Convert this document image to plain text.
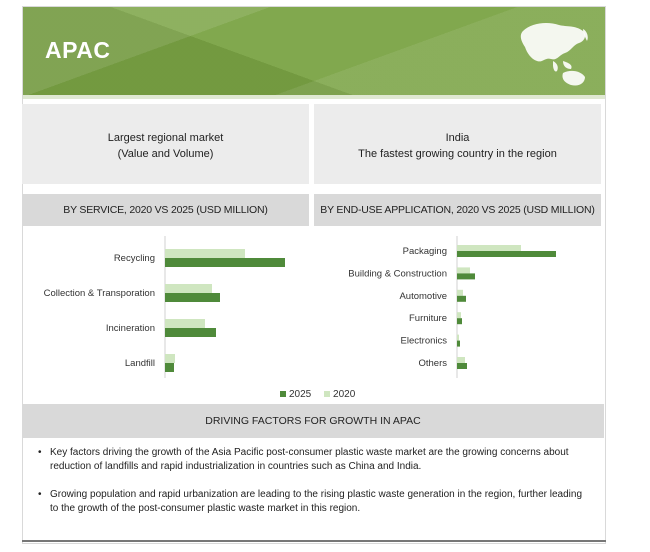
APAC
Largest regional market
(Value and Volume)
India
The fastest growing country in the region
BY SERVICE, 2020 VS 2025 (USD MILLION)	BY END-USE APPLICATION, 2020 VS 2025 (USD MILLION)
Recycling
Collection & Transporation
Incineration
Landfill
Packaging
Building & Construction
Automotive
Furniture
Electronics
Others
2025 2020
DRIVING FACTORS FOR GROWTH IN APAC
• Key factors driving the growth of the Asia Pacific post-consumer plastic waste market are the growing concerns about reduction of landfills and rapid industrialization in countries such as China and India.
• Growing population and rapid urbanization are leading to the rising plastic waste generation in the region, further leading to the growth of the post-consumer plastic waste market in this region.
